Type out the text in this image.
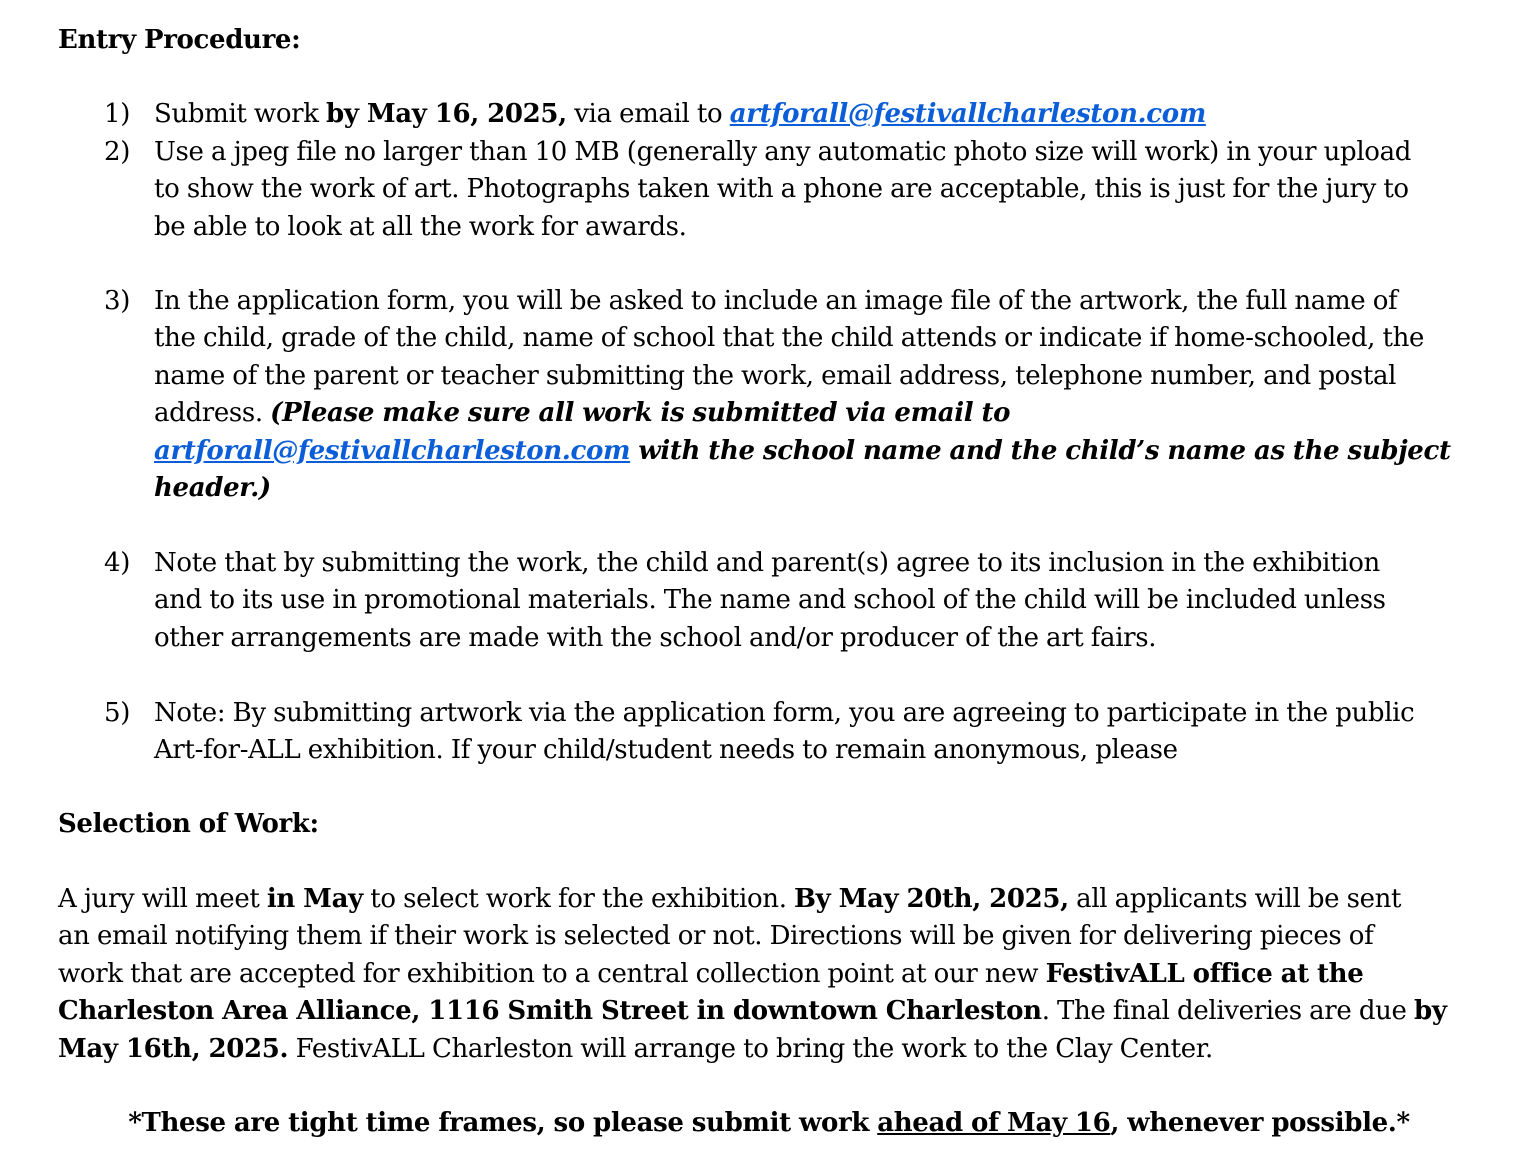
Entry Procedure:
1) Submit work by May 16, 2025, via email to artforall@festivallcharleston.com
2) Use a jpeg file no larger than 10 MB (generally any automatic photo size will work) in your upload
to show the work of art. Photographs taken with a phone are acceptable, this is just for the jury to
be able to look at all the work for awards.
3) In the application form, you will be asked to include an image file of the artwork, the full name of
the child, grade of the child, name of school that the child attends or indicate if home-schooled, the
name of the parent or teacher submitting the work, email address, telephone number, and postal
address. (Please make sure all work is submitted via email to
artforall@festivallcharleston.com with the school name and the child’s name as the subject
header.)
4) Note that by submitting the work, the child and parent(s) agree to its inclusion in the exhibition
and to its use in promotional materials. The name and school of the child will be included unless
other arrangements are made with the school and/or producer of the art fairs.
5) Note: By submitting artwork via the application form, you are agreeing to participate in the public
Art-for-ALL exhibition. If your child/student needs to remain anonymous, please
Selection of Work:
A jury will meet in May to select work for the exhibition. By May 20th, 2025, all applicants will be sent
an email notifying them if their work is selected or not. Directions will be given for delivering pieces of
work that are accepted for exhibition to a central collection point at our new FestivALL office at the
Charleston Area Alliance, 1116 Smith Street in downtown Charleston. The final deliveries are due by
May 16th, 2025. FestivALL Charleston will arrange to bring the work to the Clay Center.
*These are tight time frames, so please submit work ahead of May 16, whenever possible.*
